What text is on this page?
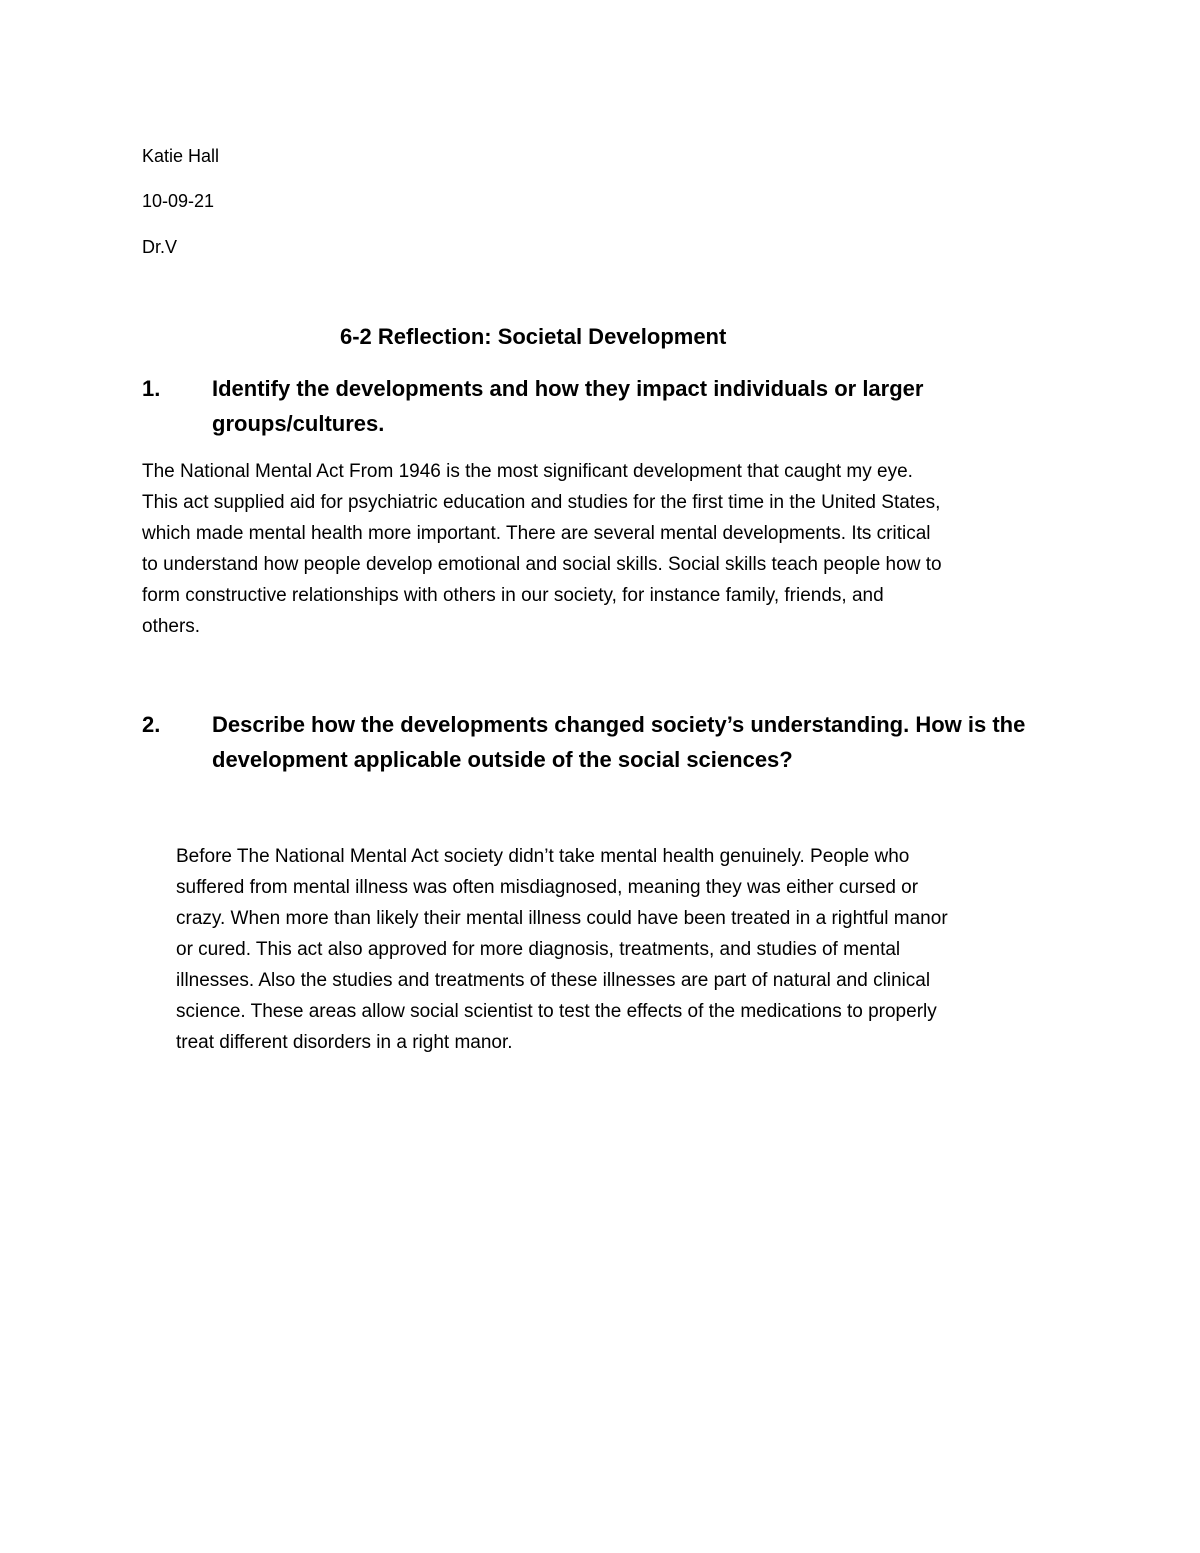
Katie Hall
10-09-21
Dr.V
6-2 Reflection: Societal Development
1. Identify the developments and how they impact individuals or larger groups/cultures.

The National Mental Act From 1946 is the most significant development that caught my eye.

This act supplied aid for psychiatric education and studies for the first time in the United States,

which made mental health more important. There are several mental developments. Its critical

to understand how people develop emotional and social skills. Social skills teach people how to

form constructive relationships with others in our society, for instance family, friends, and

others.

2. Describe how the developments changed society’s understanding. How is the development applicable outside of the social sciences?

Before The National Mental Act society didn’t take mental health genuinely. People who

suffered from mental illness was often misdiagnosed, meaning they was either cursed or

crazy. When more than likely their mental illness could have been treated in a rightful manor

or cured. This act also approved for more diagnosis, treatments, and studies of mental

illnesses. Also the studies and treatments of these illnesses are part of natural and clinical

science. These areas allow social scientist to test the effects of the medications to properly

treat different disorders in a right manor.
